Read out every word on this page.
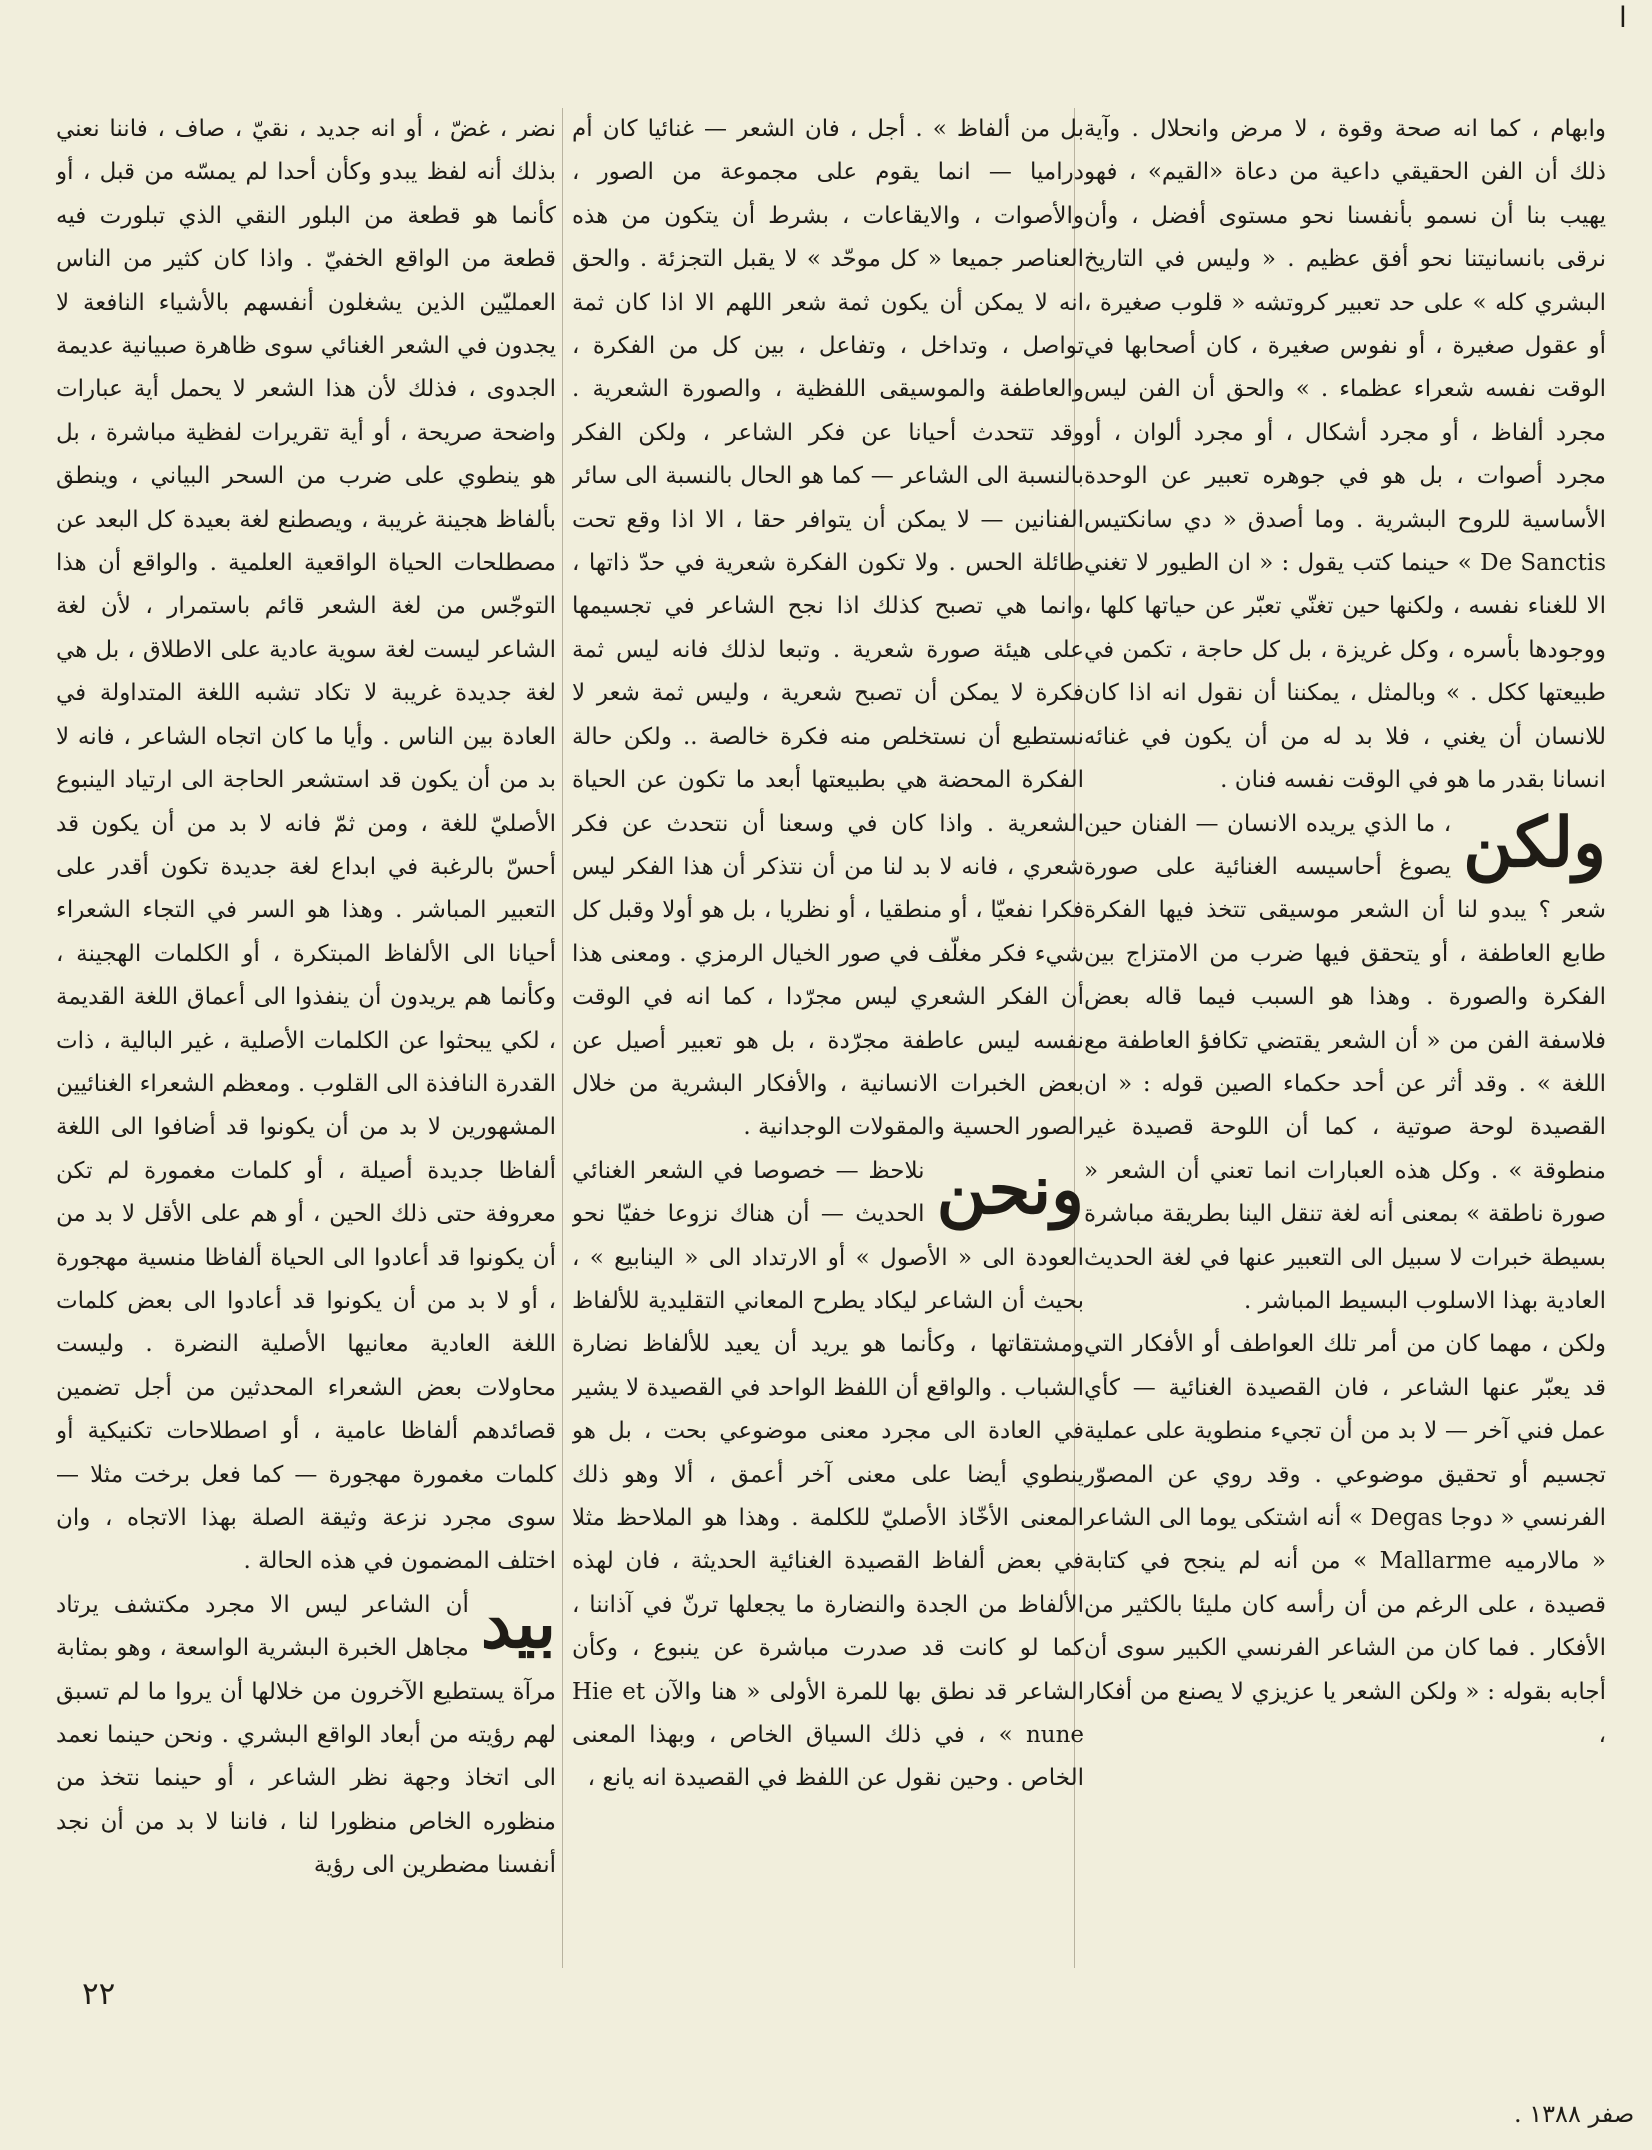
ا

وابهام ، كما انه صحة وقوة ، لا مرض وانحلال . وآية ذلك أن الفن الحقيقي داعية من دعاة «القيم» ، فهو يهيب بنا أن نسمو بأنفسنا نحو مستوى أفضل ، وأن نرقى بانسانيتنا نحو أفق عظيم . « وليس في التاريخ البشري كله » على حد تعبير كروتشه « قلوب صغيرة ، أو عقول صغيرة ، أو نفوس صغيرة ، كان أصحابها في الوقت نفسه شعراء عظماء . » والحق أن الفن ليس مجرد ألفاظ ، أو مجرد أشكال ، أو مجرد ألوان ، أو مجرد أصوات ، بل هو في جوهره تعبير عن الوحدة الأساسية للروح البشرية . وما أصدق « دي سانكتيس De Sanctis » حينما كتب يقول : « ان الطيور لا تغني الا للغناء نفسه ، ولكنها حين تغنّي تعبّر عن حياتها كلها ، ووجودها بأسره ، وكل غريزة ، بل كل حاجة ، تكمن في طبيعتها ككل . » وبالمثل ، يمكننا أن نقول انه اذا كان للانسان أن يغني ، فلا بد له من أن يكون في غنائه انسانا بقدر ما هو في الوقت نفسه فنان .

ولكن

، ما الذي يريده الانسان — الفنان حين يصوغ أحاسيسه الغنائية على صورة شعر ؟ يبدو لنا أن الشعر موسيقى تتخذ فيها الفكرة طابع العاطفة ، أو يتحقق فيها ضرب من الامتزاج بين الفكرة والصورة . وهذا هو السبب فيما قاله بعض فلاسفة الفن من « أن الشعر يقتضي تكافؤ العاطفة مع اللغة » . وقد أثر عن أحد حكماء الصين قوله : « ان القصيدة لوحة صوتية ، كما أن اللوحة قصيدة غير منطوقة » . وكل هذه العبارات انما تعني أن الشعر « صورة ناطقة » بمعنى أنه لغة تنقل الينا بطريقة مباشرة بسيطة خبرات لا سبيل الى التعبير عنها في لغة الحديث العادية بهذا الاسلوب البسيط المباشر .

ولكن ، مهما كان من أمر تلك العواطف أو الأفكار التي قد يعبّر عنها الشاعر ، فان القصيدة الغنائية — كأي عمل فني آخر — لا بد من أن تجيء منطوية على عملية تجسيم أو تحقيق موضوعي . وقد روي عن المصوّر الفرنسي « دوجا Degas » أنه اشتكى يوما الى الشاعر « مالارميه Mallarme » من أنه لم ينجح في كتابة قصيدة ، على الرغم من أن رأسه كان مليئا بالكثير من الأفكار . فما كان من الشاعر الفرنسي الكبير سوى أن أجابه بقوله : « ولكن الشعر يا عزيزي لا يصنع من أفكار ،

بل من ألفاظ » . أجل ، فان الشعر — غنائيا كان أم دراميا — انما يقوم على مجموعة من الصور ، والأصوات ، والايقاعات ، بشرط أن يتكون من هذه العناصر جميعا « كل موحّد » لا يقبل التجزئة . والحق انه لا يمكن أن يكون ثمة شعر اللهم الا اذا كان ثمة تواصل ، وتداخل ، وتفاعل ، بين كل من الفكرة ، والعاطفة والموسيقى اللفظية ، والصورة الشعرية . وقد تتحدث أحيانا عن فكر الشاعر ، ولكن الفكر بالنسبة الى الشاعر — كما هو الحال بالنسبة الى سائر الفنانين — لا يمكن أن يتوافر حقا ، الا اذا وقع تحت طائلة الحس . ولا تكون الفكرة شعرية في حدّ ذاتها ، وانما هي تصبح كذلك اذا نجح الشاعر في تجسيمها على هيئة صورة شعرية . وتبعا لذلك فانه ليس ثمة فكرة لا يمكن أن تصبح شعرية ، وليس ثمة شعر لا نستطيع أن نستخلص منه فكرة خالصة .. ولكن حالة الفكرة المحضة هي بطبيعتها أبعد ما تكون عن الحياة الشعرية . واذا كان في وسعنا أن نتحدث عن فكر شعري ، فانه لا بد لنا من أن نتذكر أن هذا الفكر ليس فكرا نفعيّا ، أو منطقيا ، أو نظريا ، بل هو أولا وقبل كل شيء فكر مغلّف في صور الخيال الرمزي . ومعنى هذا أن الفكر الشعري ليس مجرّدا ، كما انه في الوقت نفسه ليس عاطفة مجرّدة ، بل هو تعبير أصيل عن بعض الخبرات الانسانية ، والأفكار البشرية من خلال الصور الحسية والمقولات الوجدانية .

ونحن

نلاحظ — خصوصا في الشعر الغنائي الحديث — أن هناك نزوعا خفيّا نحو العودة الى « الأصول » أو الارتداد الى « الينابيع » ، بحيث أن الشاعر ليكاد يطرح المعاني التقليدية للألفاظ ومشتقاتها ، وكأنما هو يريد أن يعيد للألفاظ نضارة الشباب . والواقع أن اللفظ الواحد في القصيدة لا يشير في العادة الى مجرد معنى موضوعي بحت ، بل هو ينطوي أيضا على معنى آخر أعمق ، ألا وهو ذلك المعنى الأخّاذ الأصليّ للكلمة . وهذا هو الملاحظ مثلا في بعض ألفاظ القصيدة الغنائية الحديثة ، فان لهذه الألفاظ من الجدة والنضارة ما يجعلها ترنّ في آذاننا ، كما لو كانت قد صدرت مباشرة عن ينبوع ، وكأن الشاعر قد نطق بها للمرة الأولى « هنا والآن Hie et nune » ، في ذلك السياق الخاص ، وبهذا المعنى الخاص . وحين نقول عن اللفظ في القصيدة انه يانع ،

نضر ، غضّ ، أو انه جديد ، نقيّ ، صاف ، فاننا نعني بذلك أنه لفظ يبدو وكأن أحدا لم يمسّه من قبل ، أو كأنما هو قطعة من البلور النقي الذي تبلورت فيه قطعة من الواقع الخفيّ . واذا كان كثير من الناس العمليّين الذين يشغلون أنفسهم بالأشياء النافعة لا يجدون في الشعر الغنائي سوى ظاهرة صبيانية عديمة الجدوى ، فذلك لأن هذا الشعر لا يحمل أية عبارات واضحة صريحة ، أو أية تقريرات لفظية مباشرة ، بل هو ينطوي على ضرب من السحر البياني ، وينطق بألفاظ هجينة غريبة ، ويصطنع لغة بعيدة كل البعد عن مصطلحات الحياة الواقعية العلمية . والواقع أن هذا التوجّس من لغة الشعر قائم باستمرار ، لأن لغة الشاعر ليست لغة سوية عادية على الاطلاق ، بل هي لغة جديدة غريبة لا تكاد تشبه اللغة المتداولة في العادة بين الناس . وأيا ما كان اتجاه الشاعر ، فانه لا بد من أن يكون قد استشعر الحاجة الى ارتياد الينبوع الأصليّ للغة ، ومن ثمّ فانه لا بد من أن يكون قد أحسّ بالرغبة في ابداع لغة جديدة تكون أقدر على التعبير المباشر . وهذا هو السر في التجاء الشعراء أحيانا الى الألفاظ المبتكرة ، أو الكلمات الهجينة ، وكأنما هم يريدون أن ينفذوا الى أعماق اللغة القديمة ، لكي يبحثوا عن الكلمات الأصلية ، غير البالية ، ذات القدرة النافذة الى القلوب . ومعظم الشعراء الغنائيين المشهورين لا بد من أن يكونوا قد أضافوا الى اللغة ألفاظا جديدة أصيلة ، أو كلمات مغمورة لم تكن معروفة حتى ذلك الحين ، أو هم على الأقل لا بد من أن يكونوا قد أعادوا الى الحياة ألفاظا منسية مهجورة ، أو لا بد من أن يكونوا قد أعادوا الى بعض كلمات اللغة العادية معانيها الأصلية النضرة . وليست محاولات بعض الشعراء المحدثين من أجل تضمين قصائدهم ألفاظا عامية ، أو اصطلاحات تكنيكية أو كلمات مغمورة مهجورة — كما فعل برخت مثلا — سوى مجرد نزعة وثيقة الصلة بهذا الاتجاه ، وان اختلف المضمون في هذه الحالة .

بيد

أن الشاعر ليس الا مجرد مكتشف يرتاد مجاهل الخبرة البشرية الواسعة ، وهو بمثابة مرآة يستطيع الآخرون من خلالها أن يروا ما لم تسبق لهم رؤيته من أبعاد الواقع البشري . ونحن حينما نعمد الى اتخاذ وجهة نظر الشاعر ، أو حينما نتخذ من منظوره الخاص منظورا لنا ، فاننا لا بد من أن نجد أنفسنا مضطرين الى رؤية

٢٢
صفر ١٣٨٨ .
